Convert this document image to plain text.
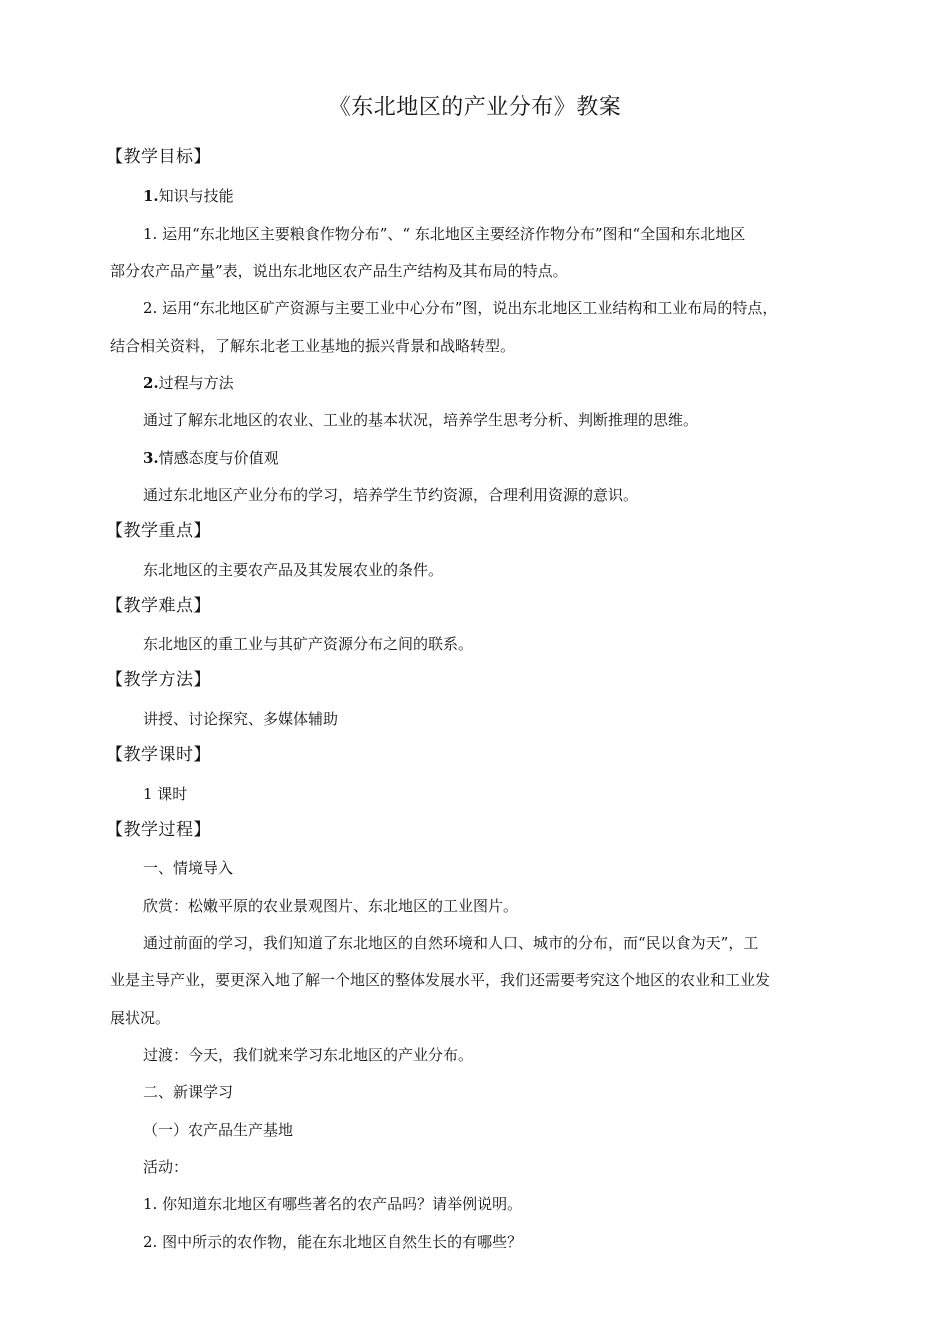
《东北地区的产业分布》教案
【教学目标】
1.知识与技能
1. 运用“东北地区主要粮食作物分布”、“ 东北地区主要经济作物分布”图和“全国和东北地区
部分农产品产量”表，说出东北地区农产品生产结构及其布局的特点。
2. 运用“东北地区矿产资源与主要工业中心分布”图，说出东北地区工业结构和工业布局的特点，
结合相关资料，了解东北老工业基地的振兴背景和战略转型。
2.过程与方法
通过了解东北地区的农业、工业的基本状况，培养学生思考分析、判断推理的思维。
3.情感态度与价值观
通过东北地区产业分布的学习，培养学生节约资源，合理利用资源的意识。
【教学重点】
东北地区的主要农产品及其发展农业的条件。
【教学难点】
东北地区的重工业与其矿产资源分布之间的联系。
【教学方法】
讲授、讨论探究、多媒体辅助
【教学课时】
1 课时
【教学过程】
一、情境导入
欣赏：松嫩平原的农业景观图片、东北地区的工业图片。
通过前面的学习，我们知道了东北地区的自然环境和人口、城市的分布，而“民以食为天”，工
业是主导产业，要更深入地了解一个地区的整体发展水平，我们还需要考究这个地区的农业和工业发
展状况。
过渡：今天，我们就来学习东北地区的产业分布。
二、新课学习
（一）农产品生产基地
活动：
1. 你知道东北地区有哪些著名的农产品吗？请举例说明。
2. 图中所示的农作物，能在东北地区自然生长的有哪些？
